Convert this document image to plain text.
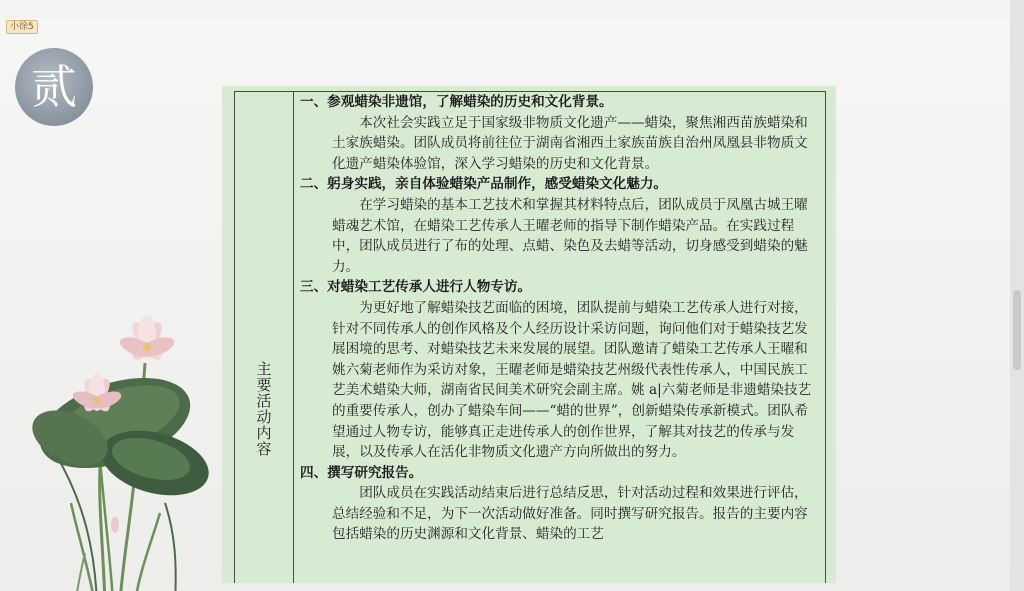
贰
主要活动内容

一、参观蜡染非遗馆，了解蜡染的历史和文化背景。

本次社会实践立足于国家级非物质文化遗产——蜡染，聚焦湘西苗族蜡染和土家族蜡染。团队成员将前往位于湖南省湘西土家族苗族自治州凤凰县非物质文化遗产蜡染体验馆，深入学习蜡染的历史和文化背景。

二、躬身实践，亲自体验蜡染产品制作，感受蜡染文化魅力。

在学习蜡染的基本工艺技术和掌握其材料特点后，团队成员于凤凰古城王曜蜡魂艺术馆，在蜡染工艺传承人王曜老师的指导下制作蜡染产品。在实践过程中，团队成员进行了布的处理、点蜡、染色及去蜡等活动，切身感受到蜡染的魅力。

三、对蜡染工艺传承人进行人物专访。

为更好地了解蜡染技艺面临的困境，团队提前与蜡染工艺传承人进行对接，针对不同传承人的创作风格及个人经历设计采访问题，询问他们对于蜡染技艺发展困境的思考、对蜡染技艺未来发展的展望。团队邀请了蜡染工艺传承人王曜和姚六菊老师作为采访对象，王曜老师是蜡染技艺州级代表性传承人，中国民族工艺美术蜡染大师，湖南省民间美术研究会副主席。姚 a|六菊老师是非遗蜡染技艺的重要传承人，创办了蜡染车间——“蜡的世界”，创新蜡染传承新模式。团队希望通过人物专访，能够真正走进传承人的创作世界，了解其对技艺的传承与发展，以及传承人在活化非物质文化遗产方向所做出的努力。

四、撰写研究报告。

团队成员在实践活动结束后进行总结反思，针对活动过程和效果进行评估，总结经验和不足，为下一次活动做好准备。同时撰写研究报告。报告的主要内容包括蜡染的历史渊源和文化背景、蜡染的工艺

小徐5
